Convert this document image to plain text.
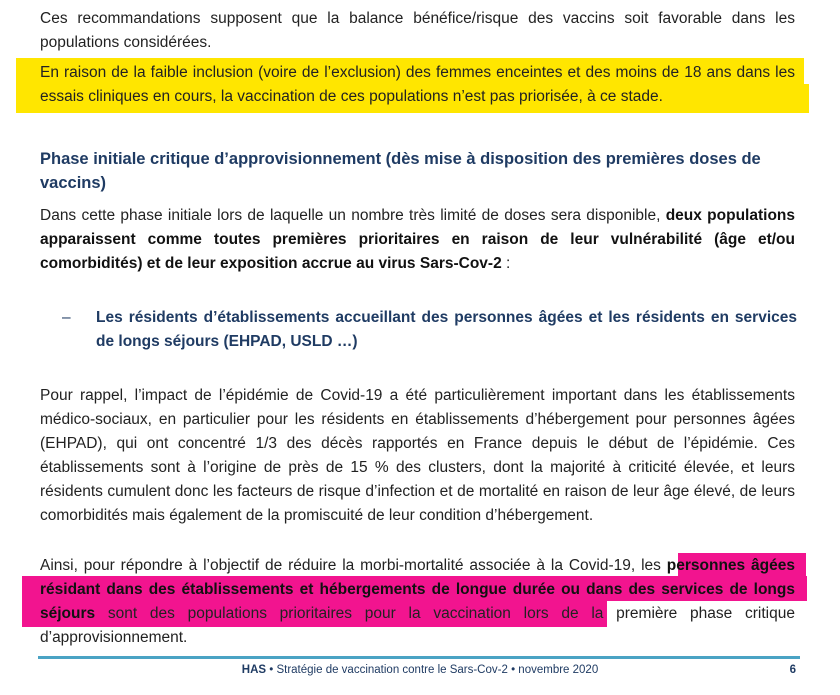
Ces recommandations supposent que la balance bénéfice/risque des vaccins soit favorable dans les populations considérées.

En raison de la faible inclusion (voire de l’exclusion) des femmes enceintes et des moins de 18 ans dans les essais cliniques en cours, la vaccination de ces populations n’est pas priorisée, à ce stade.

Phase initiale critique d’approvisionnement (dès mise à disposition des premières doses de vaccins)

Dans cette phase initiale lors de laquelle un nombre très limité de doses sera disponible, deux populations apparaissent comme toutes premières prioritaires en raison de leur vulnérabilité (âge et/ou comorbidités) et de leur exposition accrue au virus Sars-Cov-2 :

–	Les résidents d’établissements accueillant des personnes âgées et les résidents en services de longs séjours (EHPAD, USLD …)

Pour rappel, l’impact de l’épidémie de Covid-19 a été particulièrement important dans les établissements médico-sociaux, en particulier pour les résidents en établissements d’hébergement pour personnes âgées (EHPAD), qui ont concentré 1/3 des décès rapportés en France depuis le début de l’épidémie. Ces établissements sont à l’origine de près de 15 % des clusters, dont la majorité à criticité élevée, et leurs résidents cumulent donc les facteurs de risque d’infection et de mortalité en raison de leur âge élevé, de leurs comorbidités mais également de la promiscuité de leur condition d’hébergement.

Ainsi, pour répondre à l’objectif de réduire la morbi-mortalité associée à la Covid-19, les personnes âgées résidant dans des établissements et hébergements de longue durée ou dans des services de longs séjours sont des populations prioritaires pour la vaccination lors de la première phase critique d’approvisionnement.

HAS • Stratégie de vaccination contre le Sars-Cov-2 • novembre 2020	6
